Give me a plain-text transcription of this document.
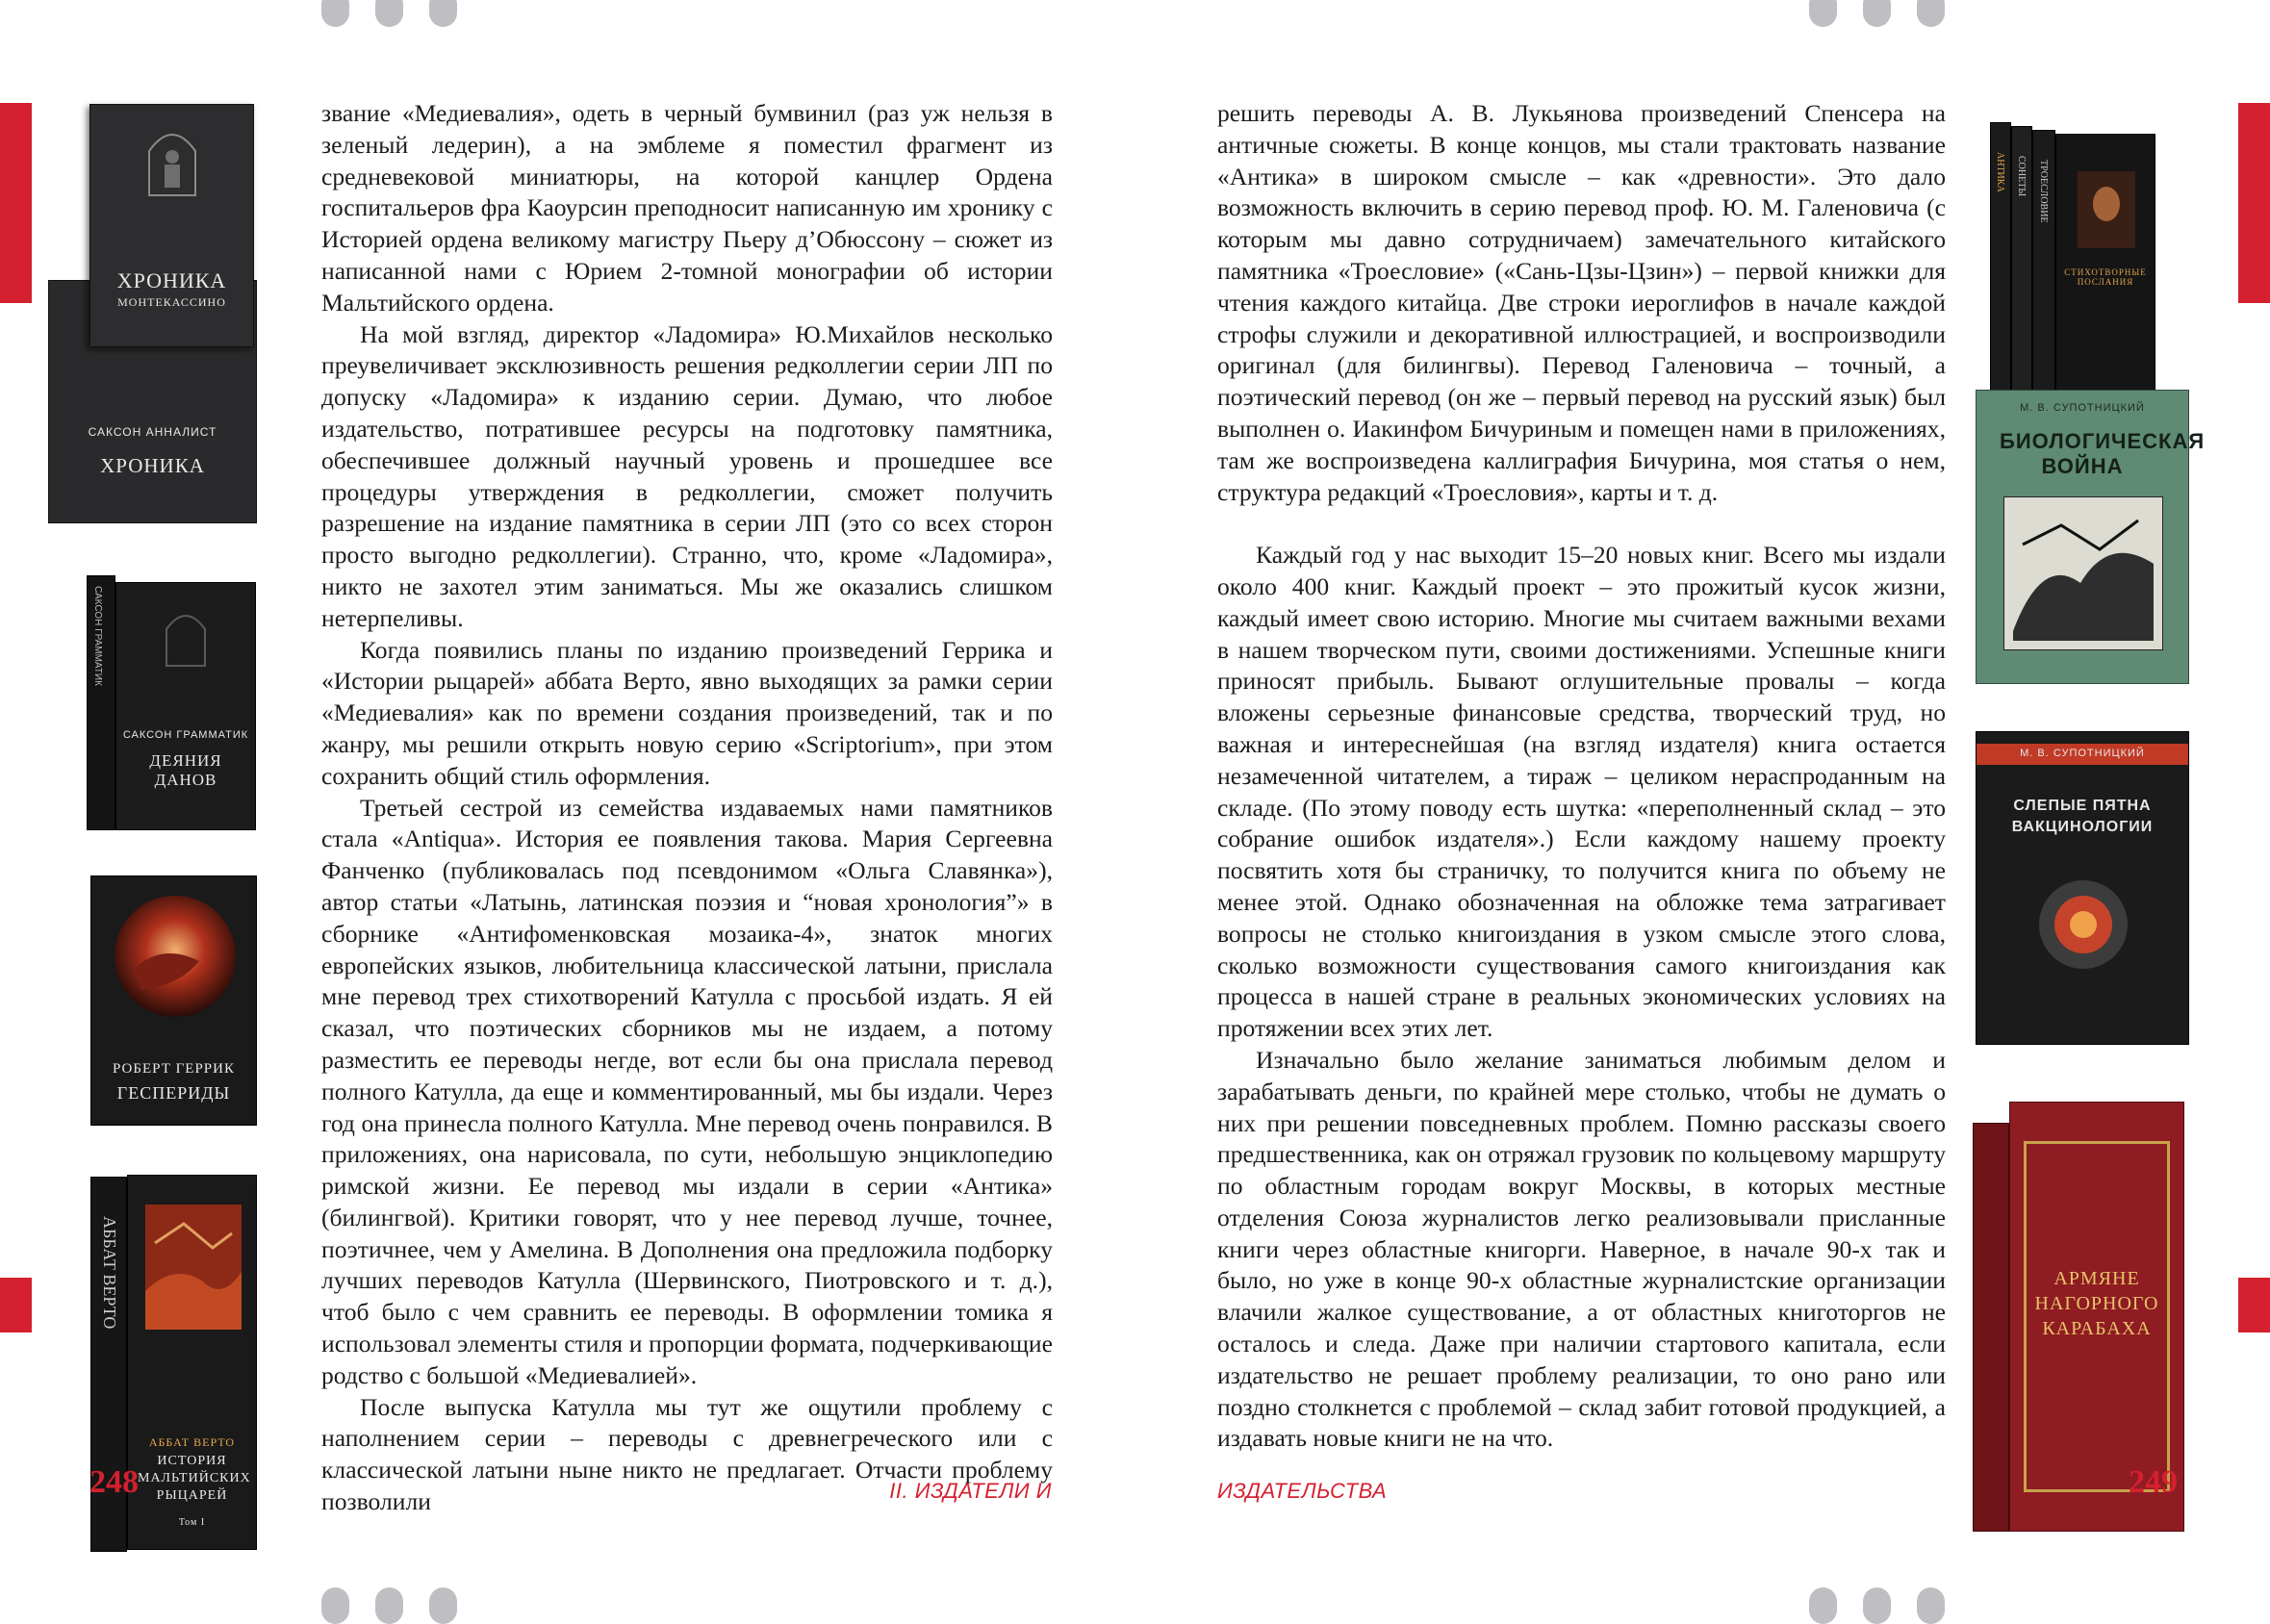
САКСОН АННАЛИСТ
ХРОНИКА
ХРОНИКА
МОНТЕКАССИНО
САКСОН ГРАММАТИК
САКСОН ГРАММАТИК
ДЕЯНИЯ ДАНОВ
РОБЕРТ ГЕРРИК
ГЕСПЕРИДЫ
АББАТ ВЕРТО
АББАТ ВЕРТО
ИСТОРИЯ МАЛЬТИЙСКИХ РЫЦАРЕЙ
Том I

звание «Медиевалия», одеть в черный бумвинил (раз уж нельзя в зеленый ледерин), а на эмблеме я поместил фрагмент из средневековой миниатюры, на которой канцлер Ордена госпитальеров фра Каоурсин преподносит написанную им хронику с Историей ордена великому магистру Пьеру д’Обюссону – сюжет из написанной нами с Юрием 2-томной монографии об истории Мальтийского ордена.

На мой взгляд, директор «Ладомира» Ю.Михайлов несколько преувеличивает эксклюзивность решения редколлегии серии ЛП по допуску «Ладомира» к изданию серии. Думаю, что любое издательство, потратившее ресурсы на подготовку памятника, обеспечившее должный научный уровень и прошедшее все процедуры утверждения в редколлегии, сможет получить разрешение на издание памятника в серии ЛП (это со всех сторон просто выгодно редколлегии). Странно, что, кроме «Ладомира», никто не захотел этим заниматься. Мы же оказались слишком нетерпеливы.

Когда появились планы по изданию произведений Геррика и «Истории рыцарей» аббата Верто, явно выходящих за рамки серии «Медиевалия» как по времени создания произведений, так и по жанру, мы решили открыть новую серию «Scriptorium», при этом сохранить общий стиль оформления.

Третьей сестрой из семейства издаваемых нами памятников стала «Antiqua». История ее появления такова. Мария Сергеевна Фанченко (публиковалась под псевдонимом «Ольга Славянка»), автор статьи «Латынь, латинская поэзия и “новая хронология”» в сборнике «Антифоменковская мозаика-4», знаток многих европейских языков, любительница классической латыни, прислала мне перевод трех стихотворений Катулла с просьбой издать. Я ей сказал, что поэтических сборников мы не издаем, а потому разместить ее переводы негде, вот если бы она прислала перевод полного Катулла, да еще и комментированный, мы бы издали. Через год она принесла полного Катулла. Мне перевод очень понравился. В приложениях, она нарисовала, по сути, небольшую энциклопедию римской жизни. Ее перевод мы издали в серии «Антика» (билингвой). Критики говорят, что у нее перевод лучше, точнее, поэтичнее, чем у Амелина. В Дополнения она предложила подборку лучших переводов Катулла (Шервинского, Пиотровского и т. д.), чтоб было с чем сравнить ее переводы. В оформлении томика я использовал элементы стиля и пропорции формата, подчеркивающие родство с большой «Медиевалией».

После выпуска Катулла мы тут же ощутили проблему с наполнением серии – переводы с древнегреческого или с классической латыни ныне никто не предлагает. Отчасти проблему позволили

248	II. ИЗДАТЕЛИ И

решить переводы А. В. Лукьянова произведений Спенсера на античные сюжеты. В конце концов, мы стали трактовать название «Антика» в широком смысле – как «древности». Это дало возможность включить в серию перевод проф. Ю. М. Галеновича (с которым мы давно сотрудничаем) замечательного китайского памятника «Троесловие» («Сань-Цзы-Цзин») – первой книжки для чтения каждого китайца. Две строки иероглифов в начале каждой строфы служили и декоративной иллюстрацией, и воспроизводили оригинал (для билингвы). Перевод Галеновича – точный, а поэтический перевод (он же – первый перевод на русский язык) был выполнен о. Иакинфом Бичуриным и помещен нами в приложениях, там же воспроизведена каллиграфия Бичурина, моя статья о нем, структура редакций «Троесловия», карты и т. д.

Каждый год у нас выходит 15–20 новых книг. Всего мы издали около 400 книг. Каждый проект – это прожитый кусок жизни, каждый имеет свою историю. Многие мы считаем важными вехами в нашем творческом пути, своими достижениями. Успешные книги приносят прибыль. Бывают оглушительные провалы – когда вложены серьезные финансовые средства, творческий труд, но важная и интереснейшая (на взгляд издателя) книга остается незамеченной читателем, а тираж – целиком нераспроданным на складе. (По этому поводу есть шутка: «переполненный склад – это собрание ошибок издателя».) Если каждому нашему проекту посвятить хотя бы страничку, то получится книга по объему не менее этой. Однако обозначенная на обложке тема затрагивает вопросы не столько книгоиздания в узком смысле этого слова, сколько возможности существования самого книгоиздания как процесса в нашей стране в реальных экономических условиях на протяжении всех этих лет.

Изначально было желание заниматься любимым делом и зарабатывать деньги, по крайней мере столько, чтобы не думать о них при решении повседневных проблем. Помню рассказы своего предшественника, как он отряжал грузовик по кольцевому маршруту по областным городам вокруг Москвы, в которых местные отделения Союза журналистов легко реализовывали присланные книги через областные книгорги. Наверное, в начале 90-х так и было, но уже в конце 90-х областные журналистские организации влачили жалкое существование, а от областных книготоргов не осталось и следа. Даже при наличии стартового капитала, если издательство не решает проблему реализации, то оно рано или поздно столкнется с проблемой – склад забит готовой продукцией, а издавать новые книги не на что.

АНТИКА СОНЕТЫ ТРОЕСЛОВИЕ
СТИХОТВОРНЫЕ ПОСЛАНИЯ
М. В. СУПОТНИЦКИЙ
БИОЛОГИЧЕСКАЯ ВОЙНА
М. В. СУПОТНИЦКИЙ
СЛЕПЫЕ ПЯТНА ВАКЦИНОЛОГИИ
АРМЯНЕ НАГОРНОГО КАРАБАХА
ИЗДАТЕЛЬСТВА	249
